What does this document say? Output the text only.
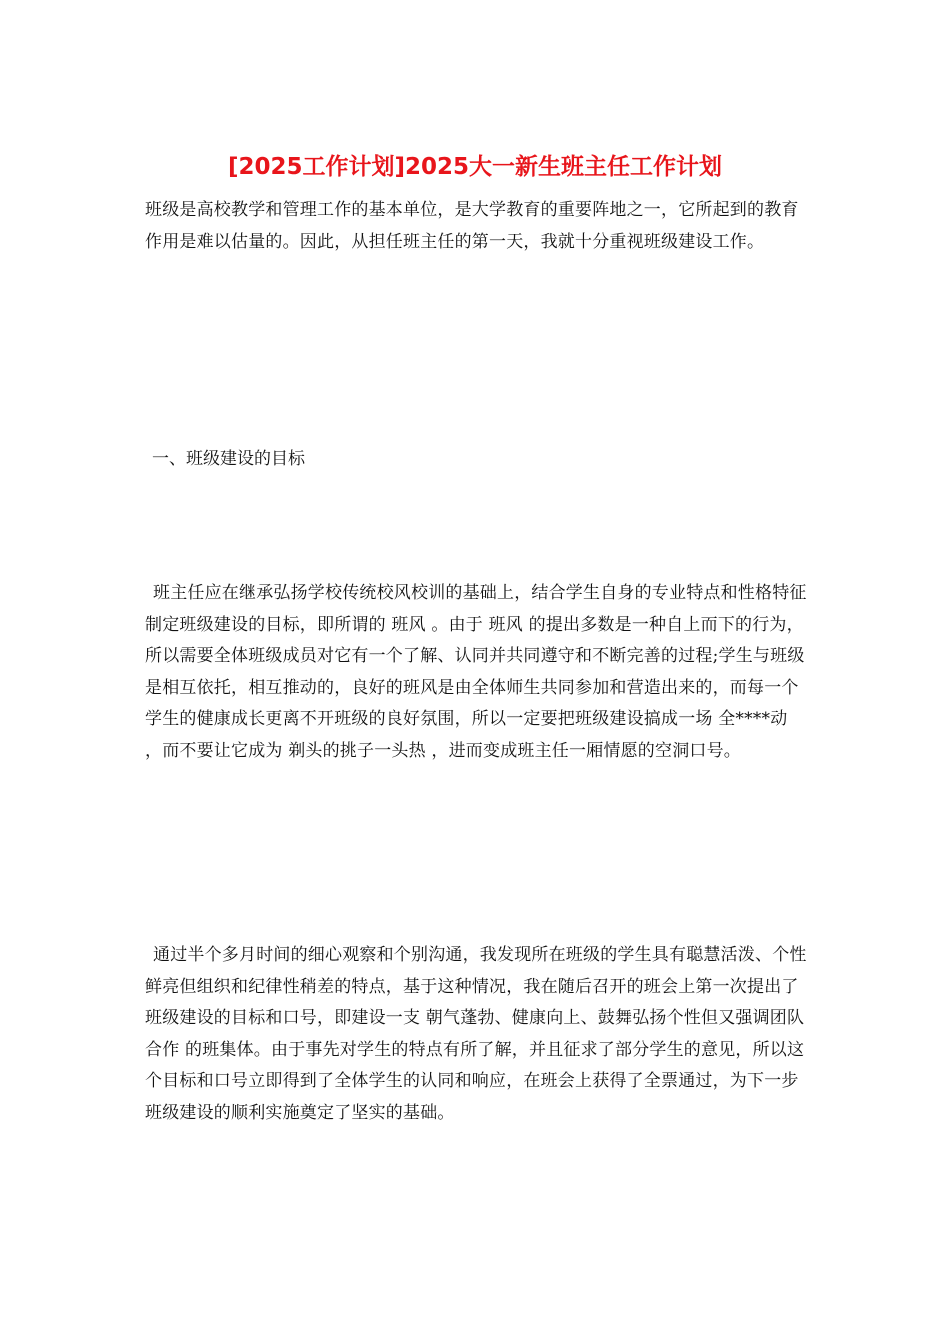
[2025工作计划]2025大一新生班主任工作计划

班级是高校教学和管理工作的基本单位，是大学教育的重要阵地之一，它所起到的教育作用是难以估量的。因此，从担任班主任的第一天，我就十分重视班级建设工作。

一、班级建设的目标

班主任应在继承弘扬学校传统校风校训的基础上，结合学生自身的专业特点和性格特征制定班级建设的目标，即所谓的 班风 。由于 班风 的提出多数是一种自上而下的行为，所以需要全体班级成员对它有一个了解、认同并共同遵守和不断完善的过程;学生与班级是相互依托，相互推动的，良好的班风是由全体师生共同参加和营造出来的，而每一个学生的健康成长更离不开班级的良好氛围，所以一定要把班级建设搞成一场 全****动 ，而不要让它成为 剃头的挑子一头热 ，进而变成班主任一厢情愿的空洞口号。

通过半个多月时间的细心观察和个别沟通，我发现所在班级的学生具有聪慧活泼、个性鲜亮但组织和纪律性稍差的特点，基于这种情况，我在随后召开的班会上第一次提出了班级建设的目标和口号，即建设一支 朝气蓬勃、健康向上、鼓舞弘扬个性但又强调团队合作 的班集体。由于事先对学生的特点有所了解，并且征求了部分学生的意见，所以这个目标和口号立即得到了全体学生的认同和响应，在班会上获得了全票通过，为下一步班级建设的顺利实施奠定了坚实的基础。
